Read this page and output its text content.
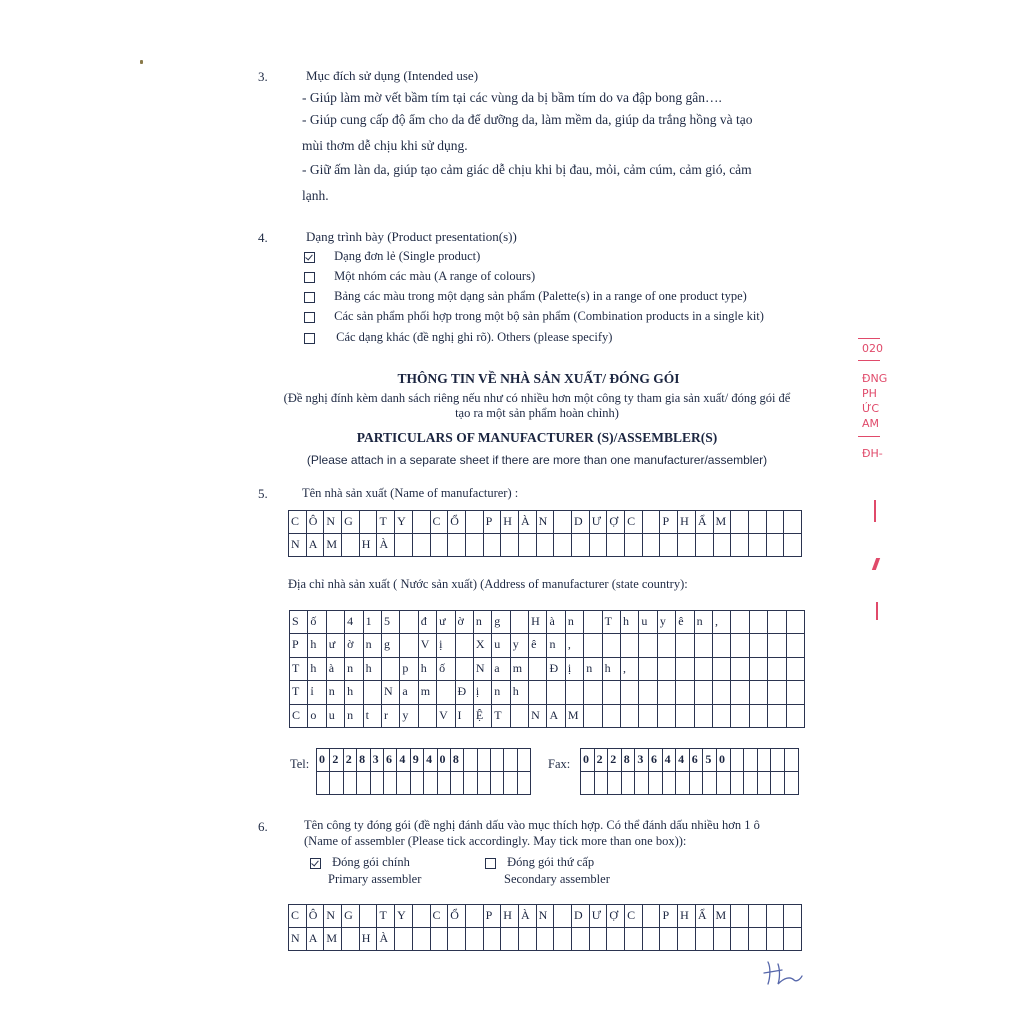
3.	Mục đích sử dụng (Intended use)
- Giúp làm mờ vết bầm tím tại các vùng da bị bầm tím do va đập bong gân….
- Giúp cung cấp độ ẩm cho da để dưỡng da, làm mềm da, giúp da trắng hồng và tạo
mùi thơm dễ chịu khi sử dụng.
- Giữ ấm làn da, giúp tạo cảm giác dễ chịu khi bị đau, mỏi, cảm cúm, cảm gió, cảm
lạnh.
4.	Dạng trình bày (Product presentation(s))
Dạng đơn lẻ (Single product)
Một nhóm các màu (A range of colours)
Bảng các màu trong một dạng sản phẩm (Palette(s) in a range of one product type)
Các sản phẩm phối hợp trong một bộ sản phẩm (Combination products in a single kit)
Các dạng khác (đề nghị ghi rõ). Others (please specify)
THÔNG TIN VỀ NHÀ SẢN XUẤT/ ĐÓNG GÓI
(Đề nghị đính kèm danh sách riêng nếu như có nhiều hơn một công ty tham gia sản xuất/ đóng gói để
tạo ra một sản phẩm hoàn chỉnh)
PARTICULARS OF MANUFACTURER (S)/ASSEMBLER(S)
(Please attach in a separate sheet if there are more than one manufacturer/assembler)
5.	Tên nhà sản xuất (Name of manufacturer) :
C Ô N G	T Y	C Ổ	P H À N	D Ư Ợ C	P H Ẩ M
N A M	H À
Địa chỉ nhà sản xuất ( Nước sản xuất) (Address of manufacturer (state country):
S ố	4	1	5	đ	ư ờ	n	g	H à	n	T h	u	y	ê	n	,
P h	ư ờ	n	g	V ị	X u	y	ê	n	,
T h	à	n	h	p	h	ố	N a	m	Đ ị	n	h	,
T ỉ	n	h	N a	m	Đ ị	n	h
C o	u	n	t	r	y	V I	Ệ T	N A M
Tel: 0 2 2 8 3 6 4 9 4 0 8	Fax: 0 2 2 8 3 6 4 4 6 5 0
6.	Tên công ty đóng gói (đề nghị đánh dấu vào mục thích hợp. Có thể đánh dấu nhiều hơn 1 ô
(Name of assembler (Please tick accordingly. May tick more than one box)):
Đóng gói chính
Primary assembler
Đóng gói thứ cấp
Secondary assembler
C Ô N G	T Y	C Ổ	P H À N	D Ư Ợ C	P H Ẩ M
N A M	H À
020
ĐNG
PH
ỨC
AM
ĐH-
